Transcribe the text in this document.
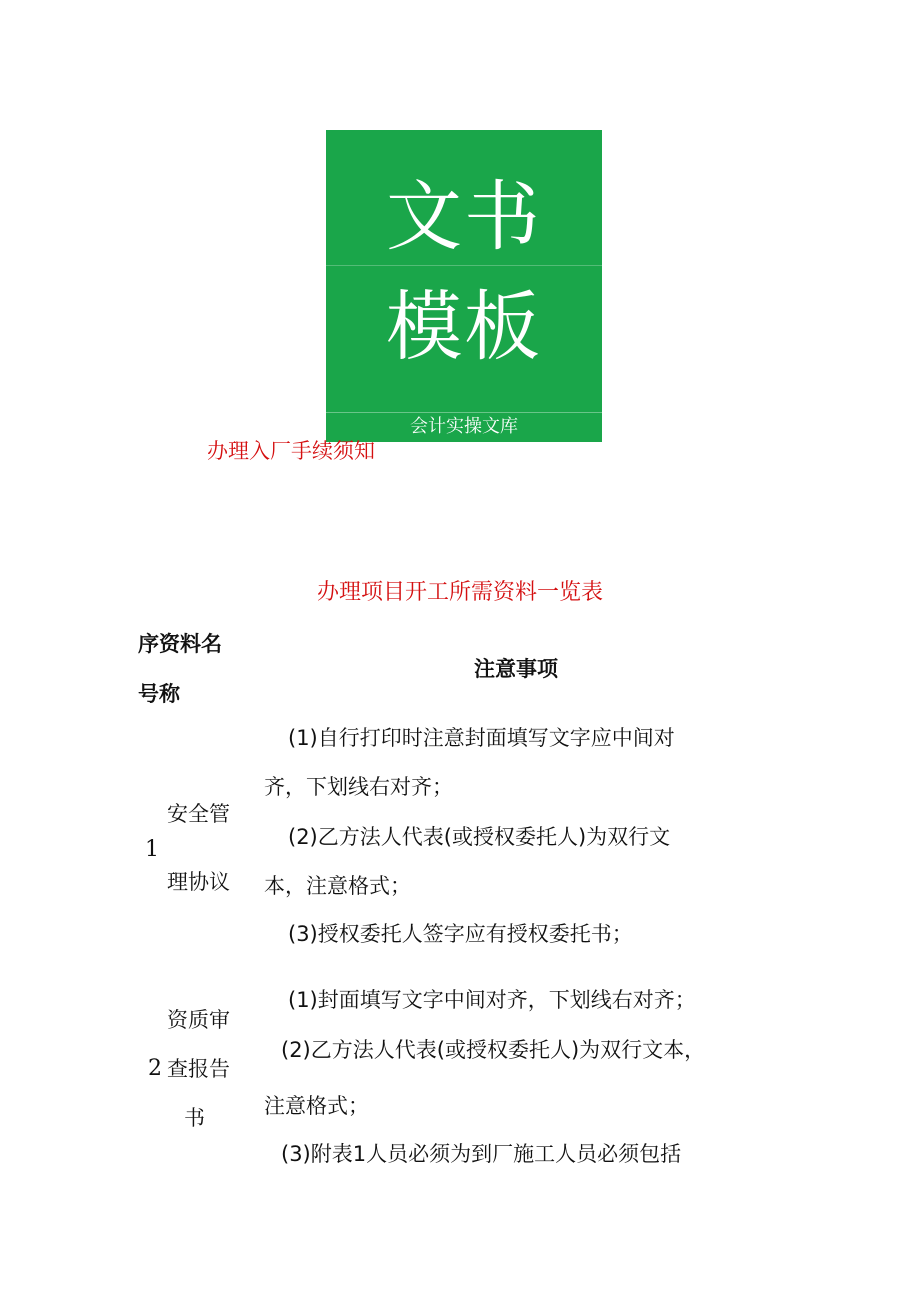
文书
模板
会计实操文库
办理入厂手续须知
办理项目开工所需资料一览表
序资料名
号称
注意事项
1
安全管
理协议
(1)自行打印时注意封面填写文字应中间对
齐，下划线右对齐；
(2)乙方法人代表(或授权委托人)为双行文
本，注意格式；
(3)授权委托人签字应有授权委托书；
2
资质审
查报告
书
(1)封面填写文字中间对齐，下划线右对齐；
(2)乙方法人代表(或授权委托人)为双行文本，
注意格式；
(3)附表1人员必须为到厂施工人员必须包括
